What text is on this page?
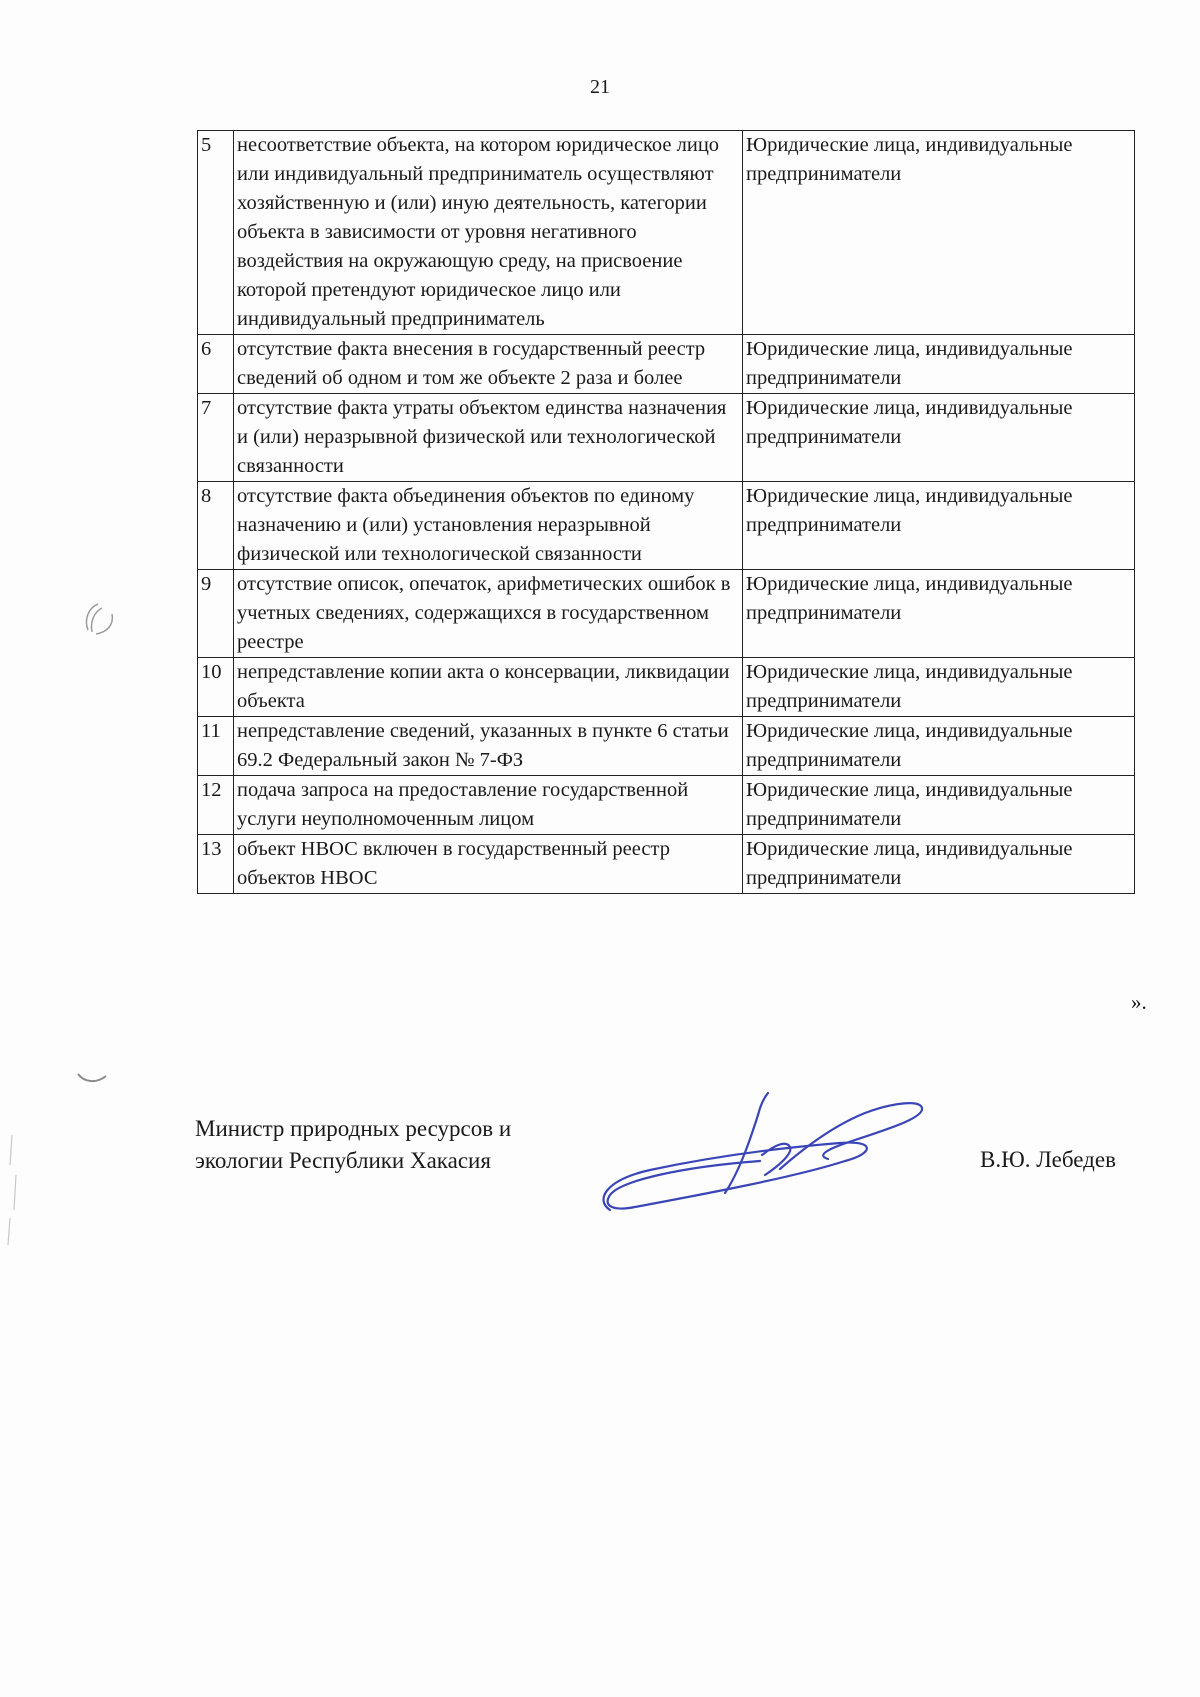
21
5	несоответствие объекта, на котором юридическое лицо или индивидуальный предприниматель осуществляют хозяйственную и (или) иную деятельность, категории объекта в зависимости от уровня негативного воздействия на окружающую среду, на присвоение которой претендуют юридическое лицо или индивидуальный предприниматель	Юридические лица, индивидуальные предприниматели
6	отсутствие факта внесения в государственный реестр сведений об одном и том же объекте 2 раза и более	Юридические лица, индивидуальные предприниматели
7	отсутствие факта утраты объектом единства назначения и (или) неразрывной физической или технологической связанности	Юридические лица, индивидуальные предприниматели
8	отсутствие факта объединения объектов по единому назначению и (или) установления неразрывной физической или технологической связанности	Юридические лица, индивидуальные предприниматели
9	отсутствие описок, опечаток, арифметических ошибок в учетных сведениях, содержащихся в государственном реестре	Юридические лица, индивидуальные предприниматели
10	непредставление копии акта о консервации, ликвидации объекта	Юридические лица, индивидуальные предприниматели
11	непредставление сведений, указанных в пункте 6 статьи 69.2 Федеральный закон № 7-ФЗ	Юридические лица, индивидуальные предприниматели
12	подача запроса на предоставление государственной услуги неуполномоченным лицом	Юридические лица, индивидуальные предприниматели
13	объект НВОС включен в государственный реестр объектов НВОС	Юридические лица, индивидуальные предприниматели
».
Министр природных ресурсов и
экологии Республики Хакасия	В.Ю. Лебедев
